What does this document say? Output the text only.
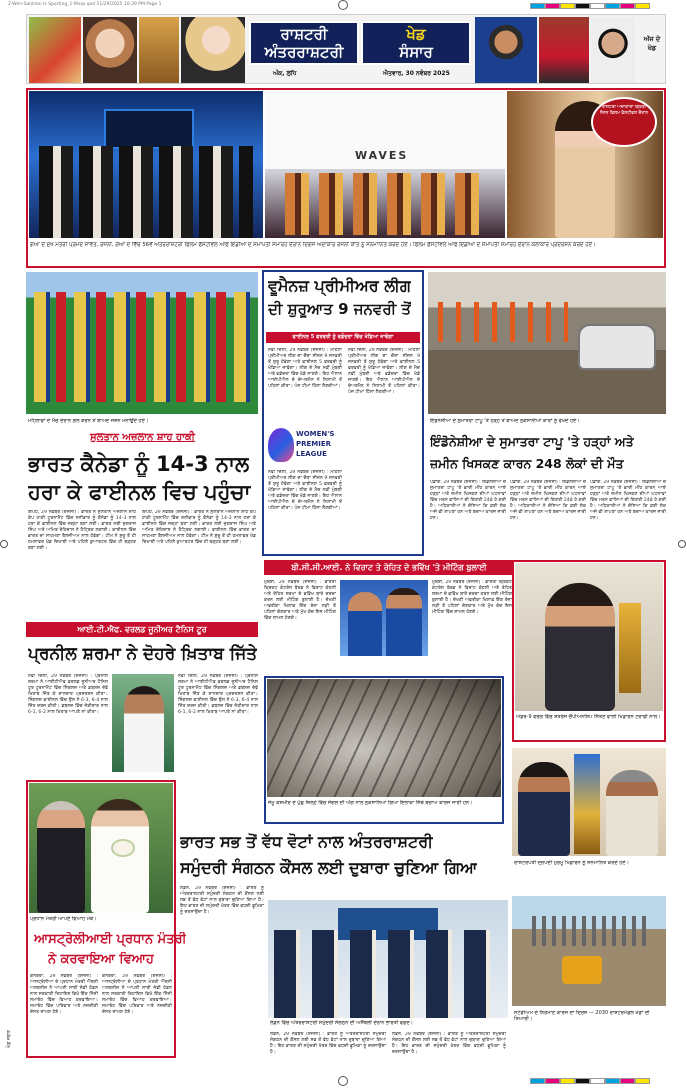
2-Weir-Sanklan Is Sporting_1-Marp.qxd 11/29/2025 10:39 PM Page 1
ਰਾਸ਼ਟਰੀ
ਅੰਤਰਰਾਸ਼ਟਰੀ
ਖੇਡ
ਸੰਸਾਰ
ਅੰਕ, ਲੁਧਿ	ਐਤਵਾਰ, 30 ਨਵੰਬਰ 2025
ਅੱਜ ਦੇ ਖੇਡ
WAVES
ਰਾਸ਼ਟਰੀ ਅਦਾਕਾਰਾ ਕ੍ਰਿਤੀ ਸੈਨਨ ਫਿਲਮ ਫੈਸਟੀਵਲ ਦੌਰਾਨ
ਗੋਆ ਦੇ ਮੁੱਖ ਮੰਤਰੀ ਪ੍ਰਮੋਦ ਸਾਵੰਤ, ਰਜਨੀ, ਗੋਆ ਦੇ ਵਿੱਚ 56ਵੇਂ ਅੰਤਰਰਾਸ਼ਟਰੀ ਫਿਲਮ ਫੈਸਟੀਵਲ ਆਫ ਇੰਡੀਆ ਦੇ ਸਮਾਪਤੀ ਸਮਾਰੋਹ ਦੌਰਾਨ ਦਿਗਜ ਅਦਾਕਾਰ ਰਜਨੀ ਕਾਂਤ ਨੂੰ ਸਨਮਾਨਿਤ ਕਰਦੇ ਹੋਏ। ਫਿਲਮ ਫੈਸਟੀਵਲ ਆਫ ਇੰਡੀਆ ਦੇ ਸਮਾਪਤੀ ਸਮਾਰੋਹ ਦੌਰਾਨ ਕਲਾਕਾਰ ਪ੍ਰਦਰਸ਼ਨ ਕਰਦੇ ਹੋਏ।
ਮਹਿਲਾਵਾਂ ਦੇ ਮੈਚ ਦੌਰਾਨ ਗੋਲ ਕਰਨ ਤੋਂ ਬਾਅਦ ਜਸ਼ਨ ਮਨਾਉਂਦੇ ਹੋਏ।
ਵੂਮੈਨਜ਼ ਪ੍ਰੀਮੀਅਰ ਲੀਗ
ਦੀ ਸ਼ੁਰੂਆਤ 9 ਜਨਵਰੀ ਤੋਂ
ਫਾਈਨਲ 5 ਫਰਵਰੀ ਨੂੰ ਵਡੋਦਰਾ ਵਿੱਚ ਖੇਡਿਆ ਜਾਵੇਗਾ
ਨਵੀਂ ਦਿੱਲੀ, 29 ਨਵੰਬਰ (ਏਜੰਸੀ) : ਮਹਿਲਾ ਪ੍ਰੀਮੀਅਰ ਲੀਗ ਦਾ ਚੌਥਾ ਸੀਜ਼ਨ 9 ਜਨਵਰੀ ਤੋਂ ਸ਼ੁਰੂ ਹੋਵੇਗਾ ਅਤੇ ਫਾਈਨਲ 5 ਫਰਵਰੀ ਨੂੰ ਖੇਡਿਆ ਜਾਵੇਗਾ। ਲੀਗ ਦੇ ਮੈਚ ਨਵੀਂ ਮੁੰਬਈ ਅਤੇ ਵਡੋਦਰਾ ਵਿੱਚ ਖੇਡੇ ਜਾਣਗੇ। ਇਹ ਐਲਾਨ ਆਈਪੀਐਲ ਦੇ ਚੇਅਰਮੈਨ ਨੇ ਨਿਲਾਮੀ ਤੋਂ ਪਹਿਲਾਂ ਕੀਤਾ। ਪੰਜ ਟੀਮਾਂ ਹਿੱਸਾ ਲੈਣਗੀਆਂ।
ਨਵੀਂ ਦਿੱਲੀ, 29 ਨਵੰਬਰ (ਏਜੰਸੀ) : ਮਹਿਲਾ ਪ੍ਰੀਮੀਅਰ ਲੀਗ ਦਾ ਚੌਥਾ ਸੀਜ਼ਨ 9 ਜਨਵਰੀ ਤੋਂ ਸ਼ੁਰੂ ਹੋਵੇਗਾ ਅਤੇ ਫਾਈਨਲ 5 ਫਰਵਰੀ ਨੂੰ ਖੇਡਿਆ ਜਾਵੇਗਾ। ਲੀਗ ਦੇ ਮੈਚ ਨਵੀਂ ਮੁੰਬਈ ਅਤੇ ਵਡੋਦਰਾ ਵਿੱਚ ਖੇਡੇ ਜਾਣਗੇ। ਇਹ ਐਲਾਨ ਆਈਪੀਐਲ ਦੇ ਚੇਅਰਮੈਨ ਨੇ ਨਿਲਾਮੀ ਤੋਂ ਪਹਿਲਾਂ ਕੀਤਾ। ਪੰਜ ਟੀਮਾਂ ਹਿੱਸਾ ਲੈਣਗੀਆਂ।
WOMEN'S
PREMIER
LEAGUE
ਨਵੀਂ ਦਿੱਲੀ, 29 ਨਵੰਬਰ (ਏਜੰਸੀ) : ਮਹਿਲਾ ਪ੍ਰੀਮੀਅਰ ਲੀਗ ਦਾ ਚੌਥਾ ਸੀਜ਼ਨ 9 ਜਨਵਰੀ ਤੋਂ ਸ਼ੁਰੂ ਹੋਵੇਗਾ ਅਤੇ ਫਾਈਨਲ 5 ਫਰਵਰੀ ਨੂੰ ਖੇਡਿਆ ਜਾਵੇਗਾ। ਲੀਗ ਦੇ ਮੈਚ ਨਵੀਂ ਮੁੰਬਈ ਅਤੇ ਵਡੋਦਰਾ ਵਿੱਚ ਖੇਡੇ ਜਾਣਗੇ। ਇਹ ਐਲਾਨ ਆਈਪੀਐਲ ਦੇ ਚੇਅਰਮੈਨ ਨੇ ਨਿਲਾਮੀ ਤੋਂ ਪਹਿਲਾਂ ਕੀਤਾ। ਪੰਜ ਟੀਮਾਂ ਹਿੱਸਾ ਲੈਣਗੀਆਂ।
ਇੰਡੋਨੇਸ਼ੀਆ ਦੇ ਸੁਮਾਤਰਾ ਟਾਪੂ 'ਤੇ ਹੜ੍ਹ ਤੋਂ ਬਾਅਦ ਨੁਕਸਾਨੀਆਂ ਕਾਰਾਂ ਨੂੰ ਵੇਖਦੇ ਹੋਏ।
ਸੁਲਤਾਨ ਅਜ਼ਲਾਨ ਸ਼ਾਹ ਹਾਕੀ
ਭਾਰਤ ਕੈਨੇਡਾ ਨੂੰ 14-3 ਨਾਲ
ਹਰਾ ਕੇ ਫਾਈਨਲ ਵਿਚ ਪਹੁੰਚਾ
ਇਪੋਹ, 29 ਨਵੰਬਰ (ਏਜੰਸੀ) : ਭਾਰਤ ਨੇ ਸੁਲਤਾਨ ਅਜ਼ਲਾਨ ਸ਼ਾਹ ਕੱਪ ਹਾਕੀ ਟੂਰਨਾਮੈਂਟ ਵਿੱਚ ਸ਼ਨੀਵਾਰ ਨੂੰ ਕੈਨੇਡਾ ਨੂੰ 14-3 ਨਾਲ ਹਰਾ ਕੇ ਫਾਈਨਲ ਵਿੱਚ ਜਗ੍ਹਾ ਬਣਾ ਲਈ। ਭਾਰਤ ਲਈ ਜੁਗਰਾਜ ਸਿੰਘ ਅਤੇ ਅਮਿਤ ਰੋਹਿਦਾਸ ਨੇ ਹੈਟ੍ਰਿਕ ਲਗਾਈ। ਫਾਈਨਲ ਵਿੱਚ ਭਾਰਤ ਦਾ ਸਾਹਮਣਾ ਬੈਲਜੀਅਮ ਨਾਲ ਹੋਵੇਗਾ। ਟੀਮ ਨੇ ਸ਼ੁਰੂ ਤੋਂ ਹੀ ਹਮਲਾਵਰ ਖੇਡ ਦਿਖਾਈ ਅਤੇ ਪਹਿਲੇ ਕੁਆਰਟਰ ਵਿੱਚ ਹੀ ਬੜ੍ਹਤ ਬਣਾ ਲਈ।
ਇਪੋਹ, 29 ਨਵੰਬਰ (ਏਜੰਸੀ) : ਭਾਰਤ ਨੇ ਸੁਲਤਾਨ ਅਜ਼ਲਾਨ ਸ਼ਾਹ ਕੱਪ ਹਾਕੀ ਟੂਰਨਾਮੈਂਟ ਵਿੱਚ ਸ਼ਨੀਵਾਰ ਨੂੰ ਕੈਨੇਡਾ ਨੂੰ 14-3 ਨਾਲ ਹਰਾ ਕੇ ਫਾਈਨਲ ਵਿੱਚ ਜਗ੍ਹਾ ਬਣਾ ਲਈ। ਭਾਰਤ ਲਈ ਜੁਗਰਾਜ ਸਿੰਘ ਅਤੇ ਅਮਿਤ ਰੋਹਿਦਾਸ ਨੇ ਹੈਟ੍ਰਿਕ ਲਗਾਈ। ਫਾਈਨਲ ਵਿੱਚ ਭਾਰਤ ਦਾ ਸਾਹਮਣਾ ਬੈਲਜੀਅਮ ਨਾਲ ਹੋਵੇਗਾ। ਟੀਮ ਨੇ ਸ਼ੁਰੂ ਤੋਂ ਹੀ ਹਮਲਾਵਰ ਖੇਡ ਦਿਖਾਈ ਅਤੇ ਪਹਿਲੇ ਕੁਆਰਟਰ ਵਿੱਚ ਹੀ ਬੜ੍ਹਤ ਬਣਾ ਲਈ।
ਇੰਡੋਨੇਸ਼ੀਆ ਦੇ ਸੁਮਾਤਰਾ ਟਾਪੂ 'ਤੇ ਹੜ੍ਹਾਂ ਅਤੇ
ਜ਼ਮੀਨ ਖਿਸਕਣ ਕਾਰਨ 248 ਲੋਕਾਂ ਦੀ ਮੌਤ
ਪਡਾਂਗ, 29 ਨਵੰਬਰ (ਏਜੰਸੀ) : ਇੰਡੋਨੇਸ਼ੀਆ ਦੇ ਸੁਮਾਤਰਾ ਟਾਪੂ 'ਤੇ ਭਾਰੀ ਮੀਂਹ ਕਾਰਨ ਆਏ ਹੜ੍ਹਾਂ ਅਤੇ ਜ਼ਮੀਨ ਖਿਸਕਣ ਦੀਆਂ ਘਟਨਾਵਾਂ ਵਿੱਚ ਮਰਨ ਵਾਲਿਆਂ ਦੀ ਗਿਣਤੀ 248 ਹੋ ਗਈ ਹੈ। ਅਧਿਕਾਰੀਆਂ ਨੇ ਦੱਸਿਆ ਕਿ ਕਈ ਲੋਕ ਅਜੇ ਵੀ ਲਾਪਤਾ ਹਨ ਅਤੇ ਬਚਾਅ ਕਾਰਜ ਜਾਰੀ ਹਨ।
ਪਡਾਂਗ, 29 ਨਵੰਬਰ (ਏਜੰਸੀ) : ਇੰਡੋਨੇਸ਼ੀਆ ਦੇ ਸੁਮਾਤਰਾ ਟਾਪੂ 'ਤੇ ਭਾਰੀ ਮੀਂਹ ਕਾਰਨ ਆਏ ਹੜ੍ਹਾਂ ਅਤੇ ਜ਼ਮੀਨ ਖਿਸਕਣ ਦੀਆਂ ਘਟਨਾਵਾਂ ਵਿੱਚ ਮਰਨ ਵਾਲਿਆਂ ਦੀ ਗਿਣਤੀ 248 ਹੋ ਗਈ ਹੈ। ਅਧਿਕਾਰੀਆਂ ਨੇ ਦੱਸਿਆ ਕਿ ਕਈ ਲੋਕ ਅਜੇ ਵੀ ਲਾਪਤਾ ਹਨ ਅਤੇ ਬਚਾਅ ਕਾਰਜ ਜਾਰੀ ਹਨ।
ਪਡਾਂਗ, 29 ਨਵੰਬਰ (ਏਜੰਸੀ) : ਇੰਡੋਨੇਸ਼ੀਆ ਦੇ ਸੁਮਾਤਰਾ ਟਾਪੂ 'ਤੇ ਭਾਰੀ ਮੀਂਹ ਕਾਰਨ ਆਏ ਹੜ੍ਹਾਂ ਅਤੇ ਜ਼ਮੀਨ ਖਿਸਕਣ ਦੀਆਂ ਘਟਨਾਵਾਂ ਵਿੱਚ ਮਰਨ ਵਾਲਿਆਂ ਦੀ ਗਿਣਤੀ 248 ਹੋ ਗਈ ਹੈ। ਅਧਿਕਾਰੀਆਂ ਨੇ ਦੱਸਿਆ ਕਿ ਕਈ ਲੋਕ ਅਜੇ ਵੀ ਲਾਪਤਾ ਹਨ ਅਤੇ ਬਚਾਅ ਕਾਰਜ ਜਾਰੀ ਹਨ।
ਬੀ.ਸੀ.ਸੀ.ਆਈ. ਨੇ ਵਿਰਾਟ ਤੇ ਰੋਹਿਤ ਦੇ ਭਵਿੱਖ 'ਤੇ ਮੀਟਿੰਗ ਬੁਲਾਈ
ਮੁੰਬਈ, 29 ਨਵੰਬਰ (ਏਜੰਸੀ) : ਭਾਰਤੀ ਕ੍ਰਿਕਟ ਕੰਟਰੋਲ ਬੋਰਡ ਨੇ ਵਿਰਾਟ ਕੋਹਲੀ ਅਤੇ ਰੋਹਿਤ ਸ਼ਰਮਾ ਦੇ ਭਵਿੱਖ ਬਾਰੇ ਚਰਚਾ ਕਰਨ ਲਈ ਮੀਟਿੰਗ ਬੁਲਾਈ ਹੈ। ਦੱਖਣੀ ਅਫਰੀਕਾ ਖ਼ਿਲਾਫ਼ ਇੱਕ ਰੋਜ਼ਾ ਲੜੀ ਤੋਂ ਪਹਿਲਾਂ ਚੋਣਕਾਰ ਅਤੇ ਮੁੱਖ ਕੋਚ ਇਸ ਮੀਟਿੰਗ ਵਿੱਚ ਸ਼ਾਮਲ ਹੋਣਗੇ।
ਮੁੰਬਈ, 29 ਨਵੰਬਰ (ਏਜੰਸੀ) : ਭਾਰਤੀ ਕ੍ਰਿਕਟ ਕੰਟਰੋਲ ਬੋਰਡ ਨੇ ਵਿਰਾਟ ਕੋਹਲੀ ਅਤੇ ਰੋਹਿਤ ਸ਼ਰਮਾ ਦੇ ਭਵਿੱਖ ਬਾਰੇ ਚਰਚਾ ਕਰਨ ਲਈ ਮੀਟਿੰਗ ਬੁਲਾਈ ਹੈ। ਦੱਖਣੀ ਅਫਰੀਕਾ ਖ਼ਿਲਾਫ਼ ਇੱਕ ਰੋਜ਼ਾ ਲੜੀ ਤੋਂ ਪਹਿਲਾਂ ਚੋਣਕਾਰ ਅਤੇ ਮੁੱਖ ਕੋਚ ਇਸ ਮੀਟਿੰਗ ਵਿੱਚ ਸ਼ਾਮਲ ਹੋਣਗੇ।
ਆਈ.ਟੀ.ਐਫ. ਵਰਲਡ ਜੂਨੀਅਰ ਟੈਨਿਸ ਟੂਰ
ਪ੍ਰਨੀਲ ਸ਼ਰਮਾ ਨੇ ਦੋਹਰੇ ਖ਼ਿਤਾਬ ਜਿੱਤੇ
ਨਵੀਂ ਦਿੱਲੀ, 29 ਨਵੰਬਰ (ਏਜੰਸੀ) : ਪ੍ਰਨੀਲ ਸ਼ਰਮਾ ਨੇ ਆਈਟੀਐਫ ਵਰਲਡ ਜੂਨੀਅਰ ਟੈਨਿਸ ਟੂਰ ਟੂਰਨਾਮੈਂਟ ਵਿੱਚ ਸਿੰਗਲਜ਼ ਅਤੇ ਡਬਲਜ਼ ਦੋਵੇਂ ਖ਼ਿਤਾਬ ਜਿੱਤ ਕੇ ਸ਼ਾਨਦਾਰ ਪ੍ਰਦਰਸ਼ਨ ਕੀਤਾ। ਸਿੰਗਲਜ਼ ਫਾਈਨਲ ਵਿੱਚ ਉਸ ਨੇ 6-3, 6-4 ਨਾਲ ਜਿੱਤ ਦਰਜ ਕੀਤੀ। ਡਬਲਜ਼ ਵਿੱਚ ਜੋੜੀਦਾਰ ਨਾਲ 6-1, 6-2 ਨਾਲ ਖ਼ਿਤਾਬ ਆਪਣੇ ਨਾਂ ਕੀਤਾ।
ਨਵੀਂ ਦਿੱਲੀ, 29 ਨਵੰਬਰ (ਏਜੰਸੀ) : ਪ੍ਰਨੀਲ ਸ਼ਰਮਾ ਨੇ ਆਈਟੀਐਫ ਵਰਲਡ ਜੂਨੀਅਰ ਟੈਨਿਸ ਟੂਰ ਟੂਰਨਾਮੈਂਟ ਵਿੱਚ ਸਿੰਗਲਜ਼ ਅਤੇ ਡਬਲਜ਼ ਦੋਵੇਂ ਖ਼ਿਤਾਬ ਜਿੱਤ ਕੇ ਸ਼ਾਨਦਾਰ ਪ੍ਰਦਰਸ਼ਨ ਕੀਤਾ। ਸਿੰਗਲਜ਼ ਫਾਈਨਲ ਵਿੱਚ ਉਸ ਨੇ 6-3, 6-4 ਨਾਲ ਜਿੱਤ ਦਰਜ ਕੀਤੀ। ਡਬਲਜ਼ ਵਿੱਚ ਜੋੜੀਦਾਰ ਨਾਲ 6-1, 6-2 ਨਾਲ ਖ਼ਿਤਾਬ ਆਪਣੇ ਨਾਂ ਕੀਤਾ।
ਜੰਮੂ ਕਸ਼ਮੀਰ ਦੇ ਪੁੰਛ ਜ਼ਿਲ੍ਹੇ ਵਿੱਚ ਜੰਗਲ ਦੀ ਅੱਗ ਨਾਲ ਨੁਕਸਾਨਿਆ ਗਿਆ ਇਲਾਕਾ ਜਿੱਥੇ ਬਚਾਅ ਕਾਰਜ ਜਾਰੀ ਹਨ।
ਅੰਡਰ-9 ਵਰਗ ਵਿੱਚ ਸ਼ਤਰੰਜ ਚੈਂਪੀਅਨਸ਼ਿਪ ਜਿੱਤਣ ਵਾਲੀ ਖਿਡਾਰਨ ਟਰਾਫੀ ਨਾਲ।
ਰਾਸ਼ਟਰਪਤੀ ਦ੍ਰੋਪਦੀ ਮੁਰਮੂ ਖਿਡਾਰਨ ਨੂੰ ਸਨਮਾਨਿਤ ਕਰਦੇ ਹੋਏ।
ਸਟੇਡੀਅਮ ਦੇ ਨਿਰਮਾਣ ਕਾਰਜ ਦਾ ਦ੍ਰਿਸ਼ — 2030 ਰਾਸ਼ਟਰਮੰਡਲ ਖੇਡਾਂ ਦੀ ਤਿਆਰੀ।
ਭਾਰਤ ਸਭ ਤੋਂ ਵੱਧ ਵੋਟਾਂ ਨਾਲ ਅੰਤਰਰਾਸ਼ਟਰੀ
ਸਮੁੰਦਰੀ ਸੰਗਠਨ ਕੌਂਸਲ ਲਈ ਦੁਬਾਰਾ ਚੁਣਿਆ ਗਿਆ
ਲੰਡਨ, 29 ਨਵੰਬਰ (ਏਜੰਸੀ) : ਭਾਰਤ ਨੂੰ ਅੰਤਰਰਾਸ਼ਟਰੀ ਸਮੁੰਦਰੀ ਸੰਗਠਨ ਦੀ ਕੌਂਸਲ ਲਈ ਸਭ ਤੋਂ ਵੱਧ ਵੋਟਾਂ ਨਾਲ ਦੁਬਾਰਾ ਚੁਣਿਆ ਗਿਆ ਹੈ। ਇਹ ਭਾਰਤ ਦੀ ਸਮੁੰਦਰੀ ਖੇਤਰ ਵਿੱਚ ਵਧਦੀ ਭੂਮਿਕਾ ਨੂੰ ਦਰਸਾਉਂਦਾ ਹੈ।
ਲੰਡਨ ਵਿੱਚ ਅੰਤਰਰਾਸ਼ਟਰੀ ਸਮੁੰਦਰੀ ਸੰਗਠਨ ਦੀ ਅਸੈਂਬਲੀ ਦੌਰਾਨ ਭਾਰਤੀ ਵਫ਼ਦ।
ਲੰਡਨ, 29 ਨਵੰਬਰ (ਏਜੰਸੀ) : ਭਾਰਤ ਨੂੰ ਅੰਤਰਰਾਸ਼ਟਰੀ ਸਮੁੰਦਰੀ ਸੰਗਠਨ ਦੀ ਕੌਂਸਲ ਲਈ ਸਭ ਤੋਂ ਵੱਧ ਵੋਟਾਂ ਨਾਲ ਦੁਬਾਰਾ ਚੁਣਿਆ ਗਿਆ ਹੈ। ਇਹ ਭਾਰਤ ਦੀ ਸਮੁੰਦਰੀ ਖੇਤਰ ਵਿੱਚ ਵਧਦੀ ਭੂਮਿਕਾ ਨੂੰ ਦਰਸਾਉਂਦਾ ਹੈ।
ਲੰਡਨ, 29 ਨਵੰਬਰ (ਏਜੰਸੀ) : ਭਾਰਤ ਨੂੰ ਅੰਤਰਰਾਸ਼ਟਰੀ ਸਮੁੰਦਰੀ ਸੰਗਠਨ ਦੀ ਕੌਂਸਲ ਲਈ ਸਭ ਤੋਂ ਵੱਧ ਵੋਟਾਂ ਨਾਲ ਦੁਬਾਰਾ ਚੁਣਿਆ ਗਿਆ ਹੈ। ਇਹ ਭਾਰਤ ਦੀ ਸਮੁੰਦਰੀ ਖੇਤਰ ਵਿੱਚ ਵਧਦੀ ਭੂਮਿਕਾ ਨੂੰ ਦਰਸਾਉਂਦਾ ਹੈ।
ਪ੍ਰਧਾਨ ਮੰਤਰੀ ਆਪਣੇ ਵਿਆਹ ਮੌਕੇ।
ਆਸਟ੍ਰੇਲੀਆਈ ਪ੍ਰਧਾਨ ਮੰਤਰੀ
ਨੇ ਕਰਵਾਇਆ ਵਿਆਹ
ਕੈਨਬਰਾ, 29 ਨਵੰਬਰ (ਏਜੰਸੀ) : ਆਸਟ੍ਰੇਲੀਆ ਦੇ ਪ੍ਰਧਾਨ ਮੰਤਰੀ ਐਂਥਨੀ ਅਲਬਨੀਜ਼ ਨੇ ਆਪਣੀ ਸਾਥੀ ਜੋਡੀ ਹੇਡਨ ਨਾਲ ਸਰਕਾਰੀ ਰਿਹਾਇਸ਼ ਵਿਖੇ ਇੱਕ ਨਿੱਜੀ ਸਮਾਰੋਹ ਵਿੱਚ ਵਿਆਹ ਕਰਵਾਇਆ। ਸਮਾਰੋਹ ਵਿੱਚ ਪਰਿਵਾਰ ਅਤੇ ਨਜ਼ਦੀਕੀ ਦੋਸਤ ਸ਼ਾਮਲ ਹੋਏ।
ਕੈਨਬਰਾ, 29 ਨਵੰਬਰ (ਏਜੰਸੀ) : ਆਸਟ੍ਰੇਲੀਆ ਦੇ ਪ੍ਰਧਾਨ ਮੰਤਰੀ ਐਂਥਨੀ ਅਲਬਨੀਜ਼ ਨੇ ਆਪਣੀ ਸਾਥੀ ਜੋਡੀ ਹੇਡਨ ਨਾਲ ਸਰਕਾਰੀ ਰਿਹਾਇਸ਼ ਵਿਖੇ ਇੱਕ ਨਿੱਜੀ ਸਮਾਰੋਹ ਵਿੱਚ ਵਿਆਹ ਕਰਵਾਇਆ। ਸਮਾਰੋਹ ਵਿੱਚ ਪਰਿਵਾਰ ਅਤੇ ਨਜ਼ਦੀਕੀ ਦੋਸਤ ਸ਼ਾਮਲ ਹੋਏ।
ਖੇਡ ਜਗਤ
